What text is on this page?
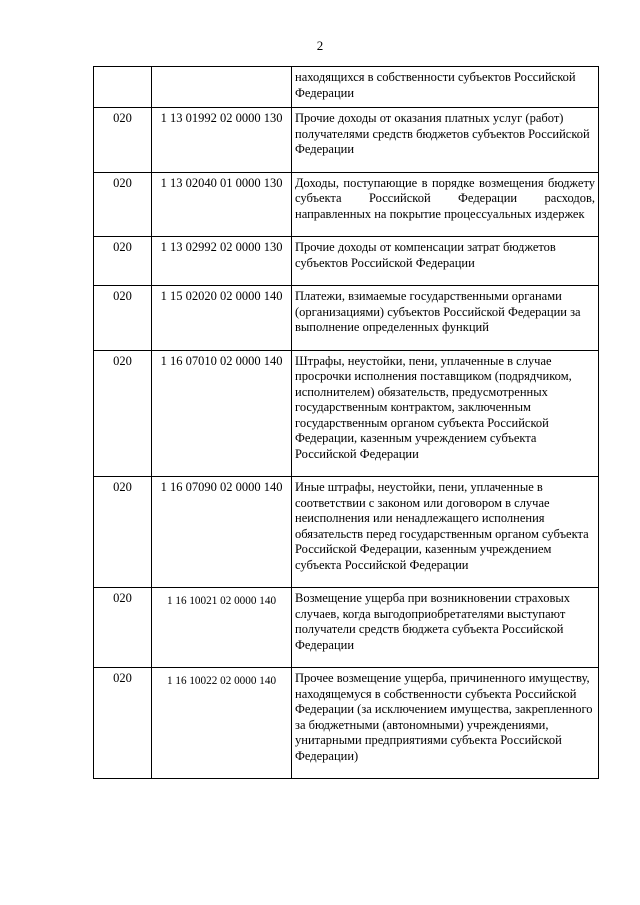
2
		находящихся в собственности субъектов Российской Федерации
020	1 13 01992 02 0000 130	Прочие доходы от оказания платных услуг (работ) получателями средств бюджетов субъектов Российской Федерации
020	1 13 02040 01 0000 130	Доходы, поступающие в порядке возмещения бюджету субъекта Российской Федерации расходов, направленных на покрытие процессуальных издержек
020	1 13 02992 02 0000 130	Прочие доходы от компенсации затрат бюджетов субъектов Российской Федерации
020	1 15 02020 02 0000 140	Платежи, взимаемые государственными органами (организациями) субъектов Российской Федерации за выполнение определенных функций
020	1 16 07010 02 0000 140	Штрафы, неустойки, пени, уплаченные в случае просрочки исполнения поставщиком (подрядчиком, исполнителем) обязательств, предусмотренных государственным контрактом, заключенным государственным органом субъекта Российской Федерации, казенным учреждением субъекта Российской Федерации
020	1 16 07090 02 0000 140	Иные штрафы, неустойки, пени, уплаченные в соответствии с законом или договором в случае неисполнения или ненадлежащего исполнения обязательств перед государственным органом субъекта Российской Федерации, казенным учреждением субъекта Российской Федерации
020	1 16 10021 02 0000 140	Возмещение ущерба при возникновении страховых случаев, когда выгодоприобретателями выступают получатели средств бюджета субъекта Российской Федерации
020	1 16 10022 02 0000 140	Прочее возмещение ущерба, причиненного имуществу, находящемуся в собственности субъекта Российской Федерации (за исключением имущества, закрепленного за бюджетными (автономными) учреждениями, унитарными предприятиями субъекта Российской Федерации)
